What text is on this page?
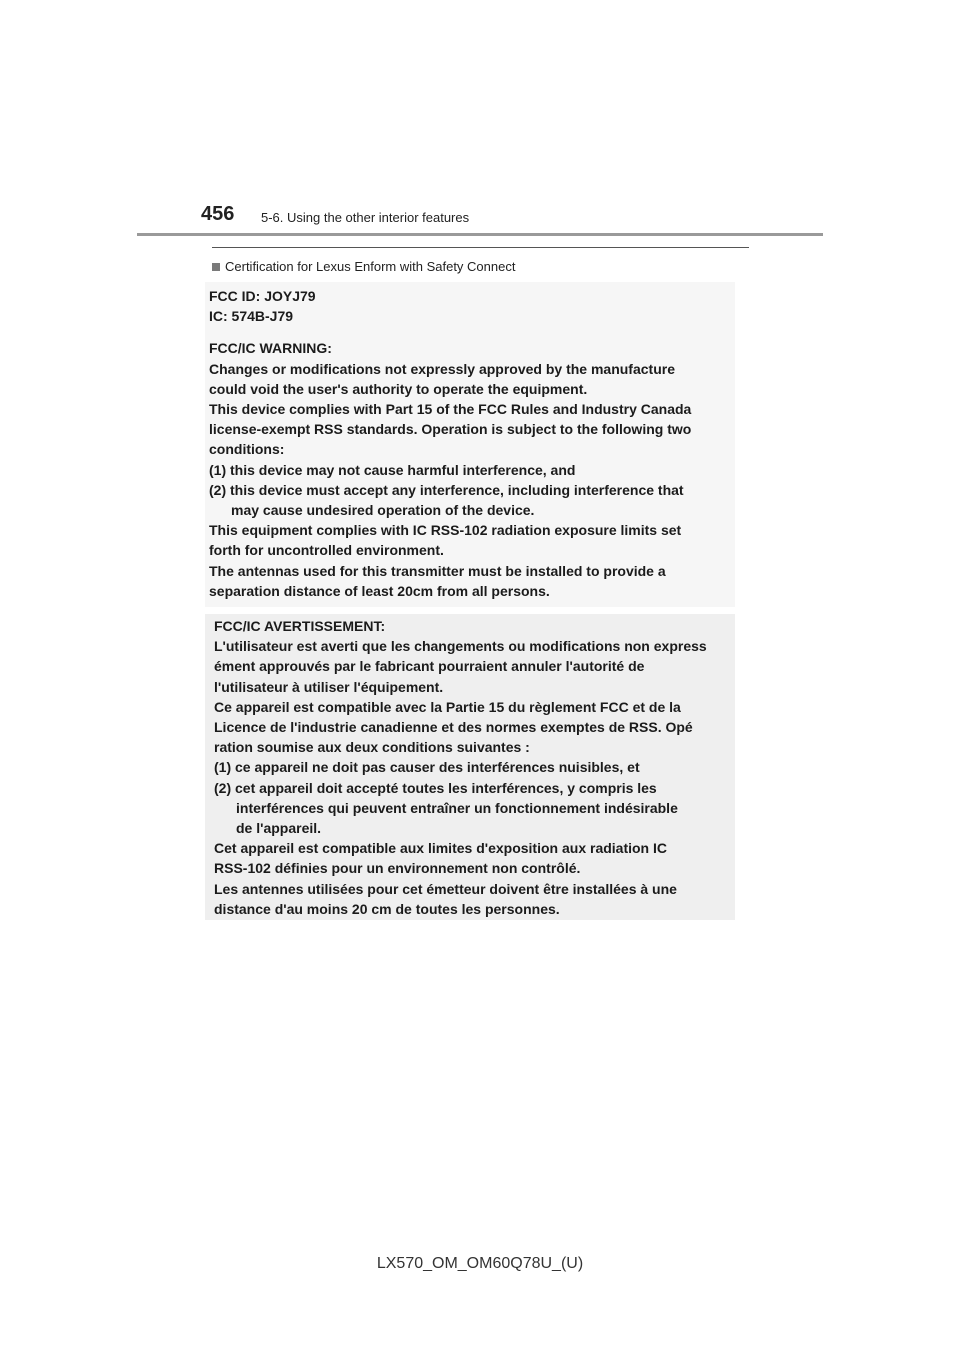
456 5-6. Using the other interior features
Certification for Lexus Enform with Safety Connect
FCC ID: JOYJ79
IC: 574B-J79
FCC/IC WARNING:
Changes or modifications not expressly approved by the manufacture
could void the user's authority to operate the equipment.
This device complies with Part 15 of the FCC Rules and Industry Canada
license-exempt RSS standards. Operation is subject to the following two
conditions:
(1) this device may not cause harmful interference, and
(2) this device must accept any interference, including interference that
may cause undesired operation of the device.
This equipment complies with IC RSS-102 radiation exposure limits set
forth for uncontrolled environment.
The antennas used for this transmitter must be installed to provide a
separation distance of least 20cm from all persons.
FCC/IC AVERTISSEMENT:
L'utilisateur est averti que les changements ou modifications non express
ément approuvés par le fabricant pourraient annuler l'autorité de
l'utilisateur à utiliser l'équipement.
Ce appareil est compatible avec la Partie 15 du règlement FCC et de la
Licence de l'industrie canadienne et des normes exemptes de RSS. Opé
ration soumise aux deux conditions suivantes :
(1) ce appareil ne doit pas causer des interférences nuisibles, et
(2) cet appareil doit accepté toutes les interférences, y compris les
interférences qui peuvent entraîner un fonctionnement indésirable
de l'appareil.
Cet appareil est compatible aux limites d'exposition aux radiation IC
RSS-102 définies pour un environnement non contrôlé.
Les antennes utilisées pour cet émetteur doivent être installées à une
distance d'au moins 20 cm de toutes les personnes.
LX570_OM_OM60Q78U_(U)
